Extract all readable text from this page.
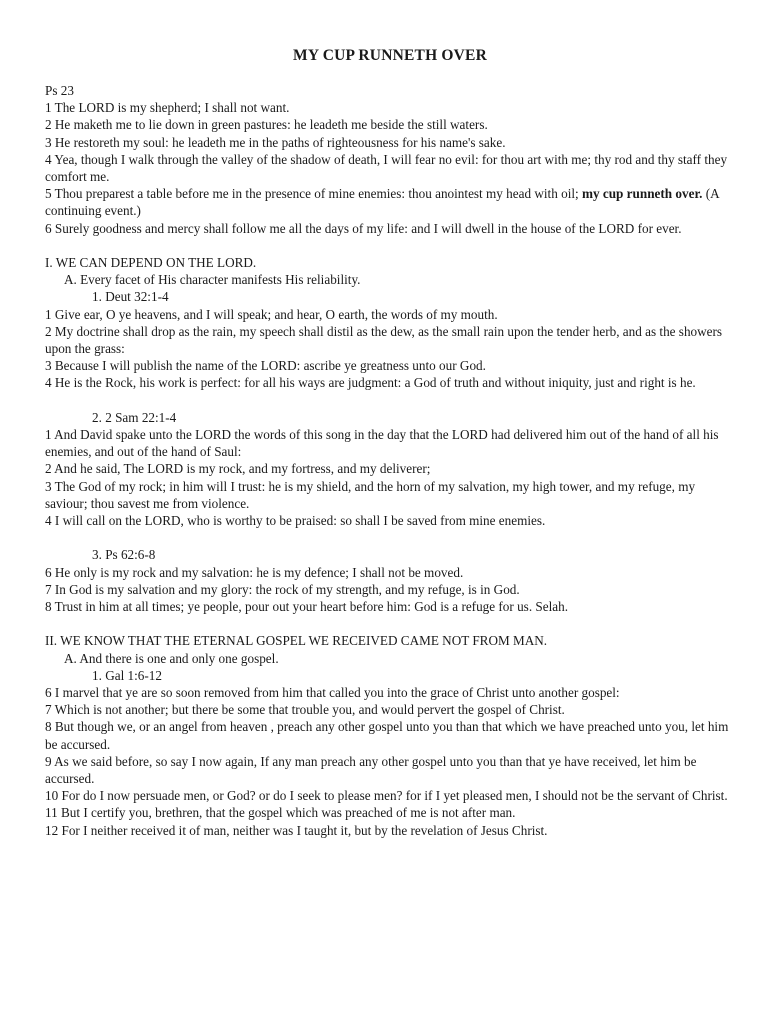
MY CUP RUNNETH OVER
Ps 23
1 The LORD is my shepherd; I shall not want.
2 He maketh me to lie down in green pastures: he leadeth me beside the still waters.
3 He restoreth my soul: he leadeth me in the paths of righteousness for his name's sake.
4 Yea, though I walk through the valley of the shadow of death, I will fear no evil: for thou art with me; thy rod and thy staff they comfort me.
5 Thou preparest a table before me in the presence of mine enemies: thou anointest my head with oil; my cup runneth over. (A continuing event.)
6 Surely goodness and mercy shall follow me all the days of my life: and I will dwell in the house of the LORD for ever.
I. WE CAN DEPEND ON THE LORD.
A. Every facet of His character manifests His reliability.
1. Deut 32:1-4
1 Give ear, O ye heavens, and I will speak; and hear, O earth, the words of my mouth.
2 My doctrine shall drop as the rain, my speech shall distil as the dew, as the small rain upon the tender herb, and as the showers upon the grass:
3 Because I will publish the name of the LORD: ascribe ye greatness unto our God.
4 He is the Rock, his work is perfect: for all his ways are judgment: a God of truth and without iniquity, just and right is he.
2. 2 Sam 22:1-4
1 And David spake unto the LORD the words of this song in the day that the LORD had delivered him out of the hand of all his enemies, and out of the hand of Saul:
2 And he said, The LORD is my rock, and my fortress, and my deliverer;
3 The God of my rock; in him will I trust: he is my shield, and the horn of my salvation, my high tower, and my refuge, my saviour; thou savest me from violence.
4 I will call on the LORD, who is worthy to be praised: so shall I be saved from mine enemies.
3. Ps 62:6-8
6 He only is my rock and my salvation: he is my defence; I shall not be moved.
7 In God is my salvation and my glory: the rock of my strength, and my refuge, is in God.
8 Trust in him at all times; ye people, pour out your heart before him: God is a refuge for us. Selah.
II. WE KNOW THAT THE ETERNAL GOSPEL WE RECEIVED CAME NOT FROM MAN.
A. And there is one and only one gospel.
1. Gal 1:6-12
6 I marvel that ye are so soon removed from him that called you into the grace of Christ unto another gospel:
7 Which is not another; but there be some that trouble you, and would pervert the gospel of Christ.
8 But though we, or an angel from heaven , preach any other gospel unto you than that which we have preached unto you, let him be accursed.
9 As we said before, so say I now again, If any man preach any other gospel unto you than that ye have received, let him be accursed.
10 For do I now persuade men, or God? or do I seek to please men? for if I yet pleased men, I should not be the servant of Christ.
11 But I certify you, brethren, that the gospel which was preached of me is not after man.
12 For I neither received it of man, neither was I taught it, but by the revelation of Jesus Christ.
